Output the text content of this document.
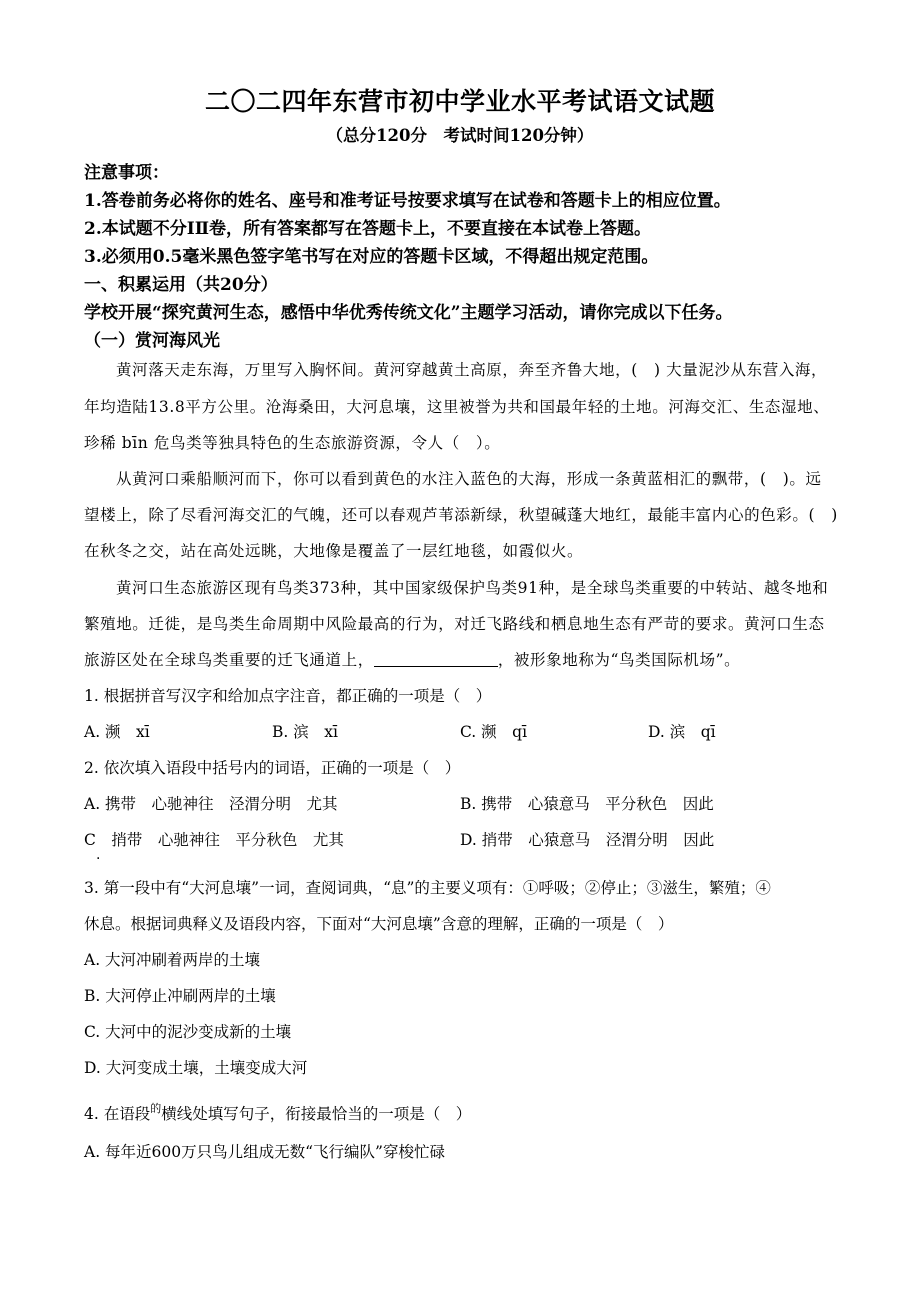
二〇二四年东营市初中学业水平考试语文试题
（总分120分　考试时间120分钟）
注意事项：
1.答卷前务必将你的姓名、座号和准考证号按要求填写在试卷和答题卡上的相应位置。
2.本试题不分ⅠⅡ卷，所有答案都写在答题卡上，不要直接在本试卷上答题。
3.必须用0.5毫米黑色签字笔书写在对应的答题卡区域，不得超出规定范围。
一、积累运用（共20分）
学校开展“探究黄河生态，感悟中华优秀传统文化”主题学习活动，请你完成以下任务。
（一）赏河海风光
黄河落天走东海，万里写入胸怀间。黄河穿越黄土高原，奔至齐鲁大地，(　) 大量泥沙从东营入海，
年均造陆13.8平方公里。沧海桑田，大河息壤，这里被誉为共和国最年轻的土地。河海交汇、生态湿地、
珍稀 bīn 危鸟类等独具特色的生态旅游资源，令人（　）。
从黄河口乘船顺河而下，你可以看到黄色的水注入蓝色的大海，形成一条黄蓝相汇的飘带，(　)。远
望楼上，除了尽看河海交汇的气魄，还可以春观芦苇添新绿，秋望碱蓬大地红，最能丰富内心的色彩。(　)
在秋冬之交，站在高处远眺，大地像是覆盖了一层红地毯，如霞似火。
黄河口生态旅游区现有鸟类373种，其中国家级保护鸟类91种，是全球鸟类重要的中转站、越冬地和
繁殖地。迁徙，是鸟类生命周期中风险最高的行为，对迁飞路线和栖息地生态有严苛的要求。黄河口生态
旅游区处在全球鸟类重要的迁飞通道上，	，被形象地称为“鸟类国际机场”。
1. 根据拼音写汉字和给加点字注音，都正确的一项是（　）
A. 濒　xī	B. 滨　xī	C. 濒　qī	D. 滨　qī
2. 依次填入语段中括号内的词语，正确的一项是（　）
A. 携带　心驰神往　泾渭分明　尤其	B. 携带　心猿意马　平分秋色　因此
C　捎带　心驰神往　平分秋色　尤其	D. 捎带　心猿意马　泾渭分明　因此
.
3. 第一段中有“大河息壤”一词，查阅词典，“息”的主要义项有：①呼吸；②停止；③滋生，繁殖；④
休息。根据词典释义及语段内容，下面对“大河息壤”含意的理解，正确的一项是（　）
A. 大河冲刷着两岸的土壤
B. 大河停止冲刷两岸的土壤
C. 大河中的泥沙变成新的土壤
D. 大河变成土壤，土壤变成大河
4. 在语段$^的$横线处填写句子，衔接最恰当的一项是（　）
A. 每年近600万只鸟儿组成无数“飞行编队”穿梭忙碌
